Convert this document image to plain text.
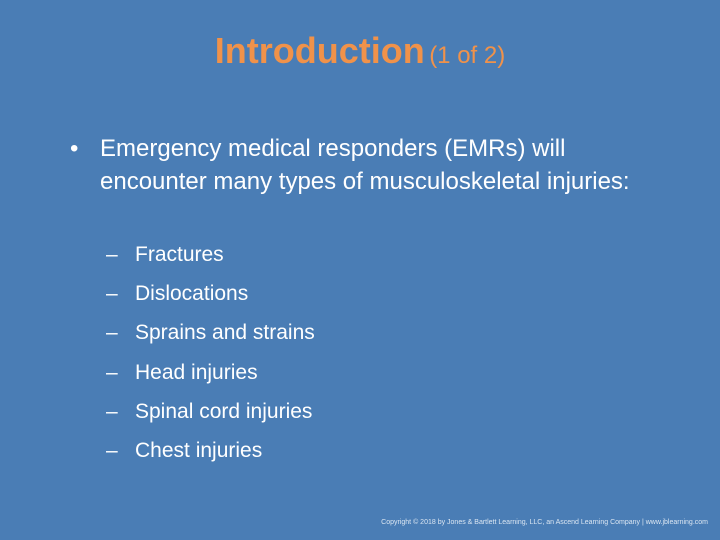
Introduction (1 of 2)
• Emergency medical responders (EMRs) will encounter many types of musculoskeletal injuries:
– Fractures
– Dislocations
– Sprains and strains
– Head injuries
– Spinal cord injuries
– Chest injuries
Copyright © 2018 by Jones & Bartlett Learning, LLC, an Ascend Learning Company | www.jblearning.com
